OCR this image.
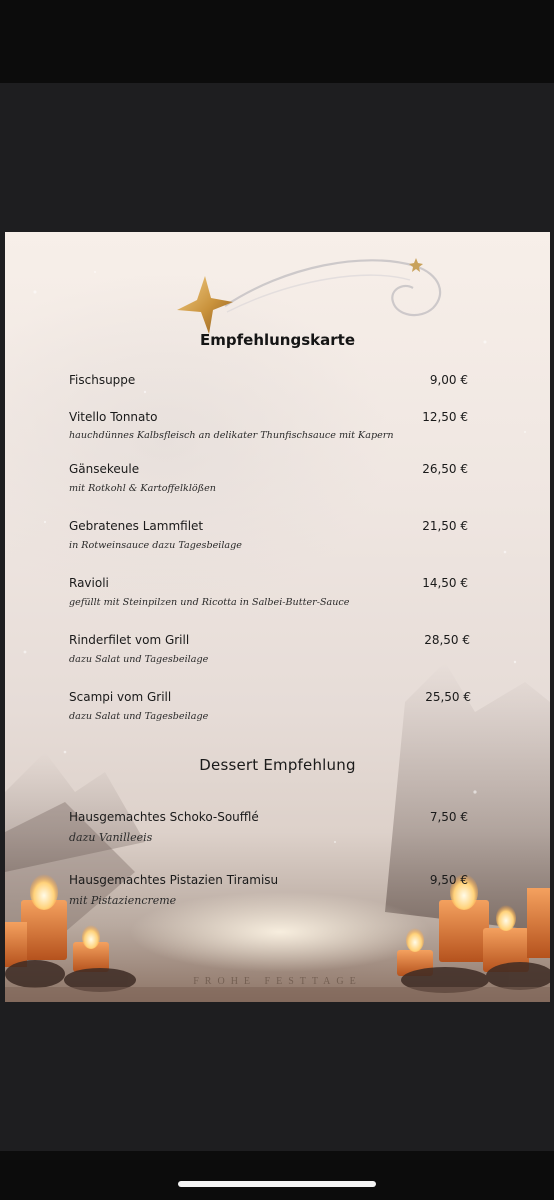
Empfehlungskarte
Fischsuppe	9,00 €
Vitello Tonnato	12,50 €
hauchdünnes Kalbsfleisch an delikater Thunfischsauce mit Kapern
Gänsekeule	26,50 €
mit Rotkohl & Kartoffelklößen
Gebratenes Lammfilet	21,50 €
in Rotweinsauce dazu Tagesbeilage
Ravioli	14,50 €
gefüllt mit Steinpilzen und Ricotta in Salbei-Butter-Sauce
Rinderfilet vom Grill	28,50 €
dazu Salat und Tagesbeilage
Scampi vom Grill	25,50 €
dazu Salat und Tagesbeilage
Dessert Empfehlung
Hausgemachtes Schoko-Soufflé	7,50 €
dazu Vanilleeis
Hausgemachtes Pistazien Tiramisu	9,50 €
mit Pistaziencreme
FROHE FESTTAGE
